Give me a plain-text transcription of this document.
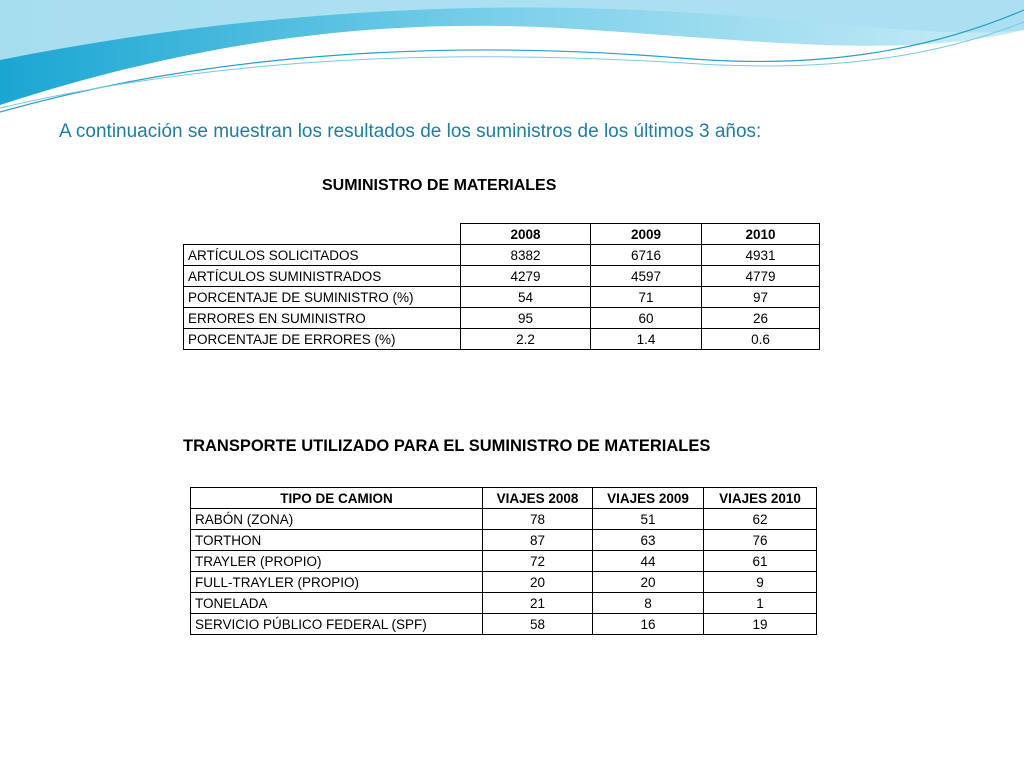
A continuación se muestran los resultados de los suministros de los últimos 3 años:
SUMINISTRO DE MATERIALES
	2008	2009	2010
ARTÍCULOS SOLICITADOS	8382	6716	4931
ARTÍCULOS SUMINISTRADOS	4279	4597	4779
PORCENTAJE DE SUMINISTRO (%)	54	71	97
ERRORES EN SUMINISTRO	95	60	26
PORCENTAJE DE ERRORES (%)	2.2	1.4	0.6
TRANSPORTE UTILIZADO PARA EL SUMINISTRO DE MATERIALES
TIPO DE CAMION	VIAJES 2008	VIAJES 2009	VIAJES 2010
RABÓN (ZONA)	78	51	62
TORTHON	87	63	76
TRAYLER (PROPIO)	72	44	61
FULL-TRAYLER (PROPIO)	20	20	9
TONELADA	21	8	1
SERVICIO PÚBLICO FEDERAL (SPF)	58	16	19
